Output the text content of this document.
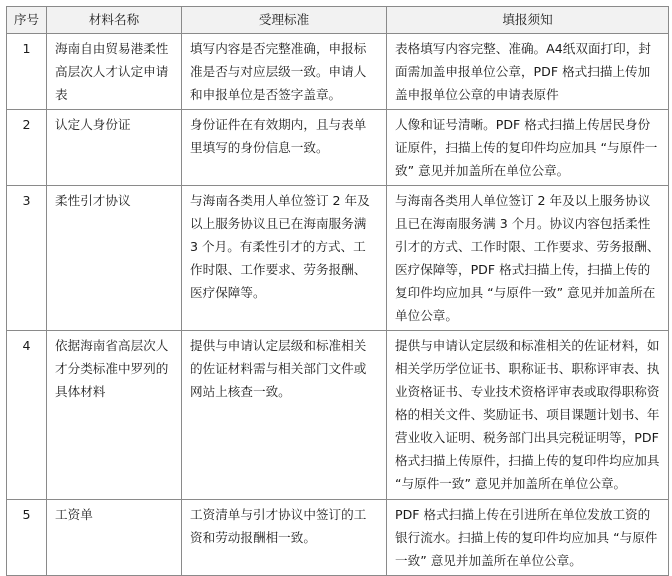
序号	材料名称	受理标准	填报须知
1	海南自由贸易港柔性高层次人才认定申请表	填写内容是否完整准确，申报标准是否与对应层级一致。申请人和申报单位是否签字盖章。	表格填写内容完整、准确。A4纸双面打印，封面需加盖申报单位公章，PDF 格式扫描上传加盖申报单位公章的申请表原件
2	认定人身份证	身份证件在有效期内，且与表单里填写的身份信息一致。	人像和证号清晰。PDF 格式扫描上传居民身份证原件，扫描上传的复印件均应加具 “与原件一致” 意见并加盖所在单位公章。
3	柔性引才协议	与海南各类用人单位签订 2 年及以上服务协议且已在海南服务满 3 个月。有柔性引才的方式、工作时限、工作要求、劳务报酬、医疗保障等。	与海南各类用人单位签订 2 年及以上服务协议且已在海南服务满 3 个月。协议内容包括柔性引才的方式、工作时限、工作要求、劳务报酬、医疗保障等，PDF 格式扫描上传，扫描上传的复印件均应加具 “与原件一致” 意见并加盖所在单位公章。
4	依据海南省高层次人才分类标准中罗列的具体材料	提供与申请认定层级和标准相关的佐证材料需与相关部门文件或网站上核查一致。	提供与申请认定层级和标准相关的佐证材料，如相关学历学位证书、职称证书、职称评审表、执业资格证书、专业技术资格评审表或取得职称资格的相关文件、奖励证书、项目课题计划书、年营业收入证明、税务部门出具完税证明等，PDF 格式扫描上传原件，扫描上传的复印件均应加具 “与原件一致” 意见并加盖所在单位公章。
5	工资单	工资清单与引才协议中签订的工资和劳动报酬相一致。	PDF 格式扫描上传在引进所在单位发放工资的银行流水。扫描上传的复印件均应加具 “与原件一致” 意见并加盖所在单位公章。
